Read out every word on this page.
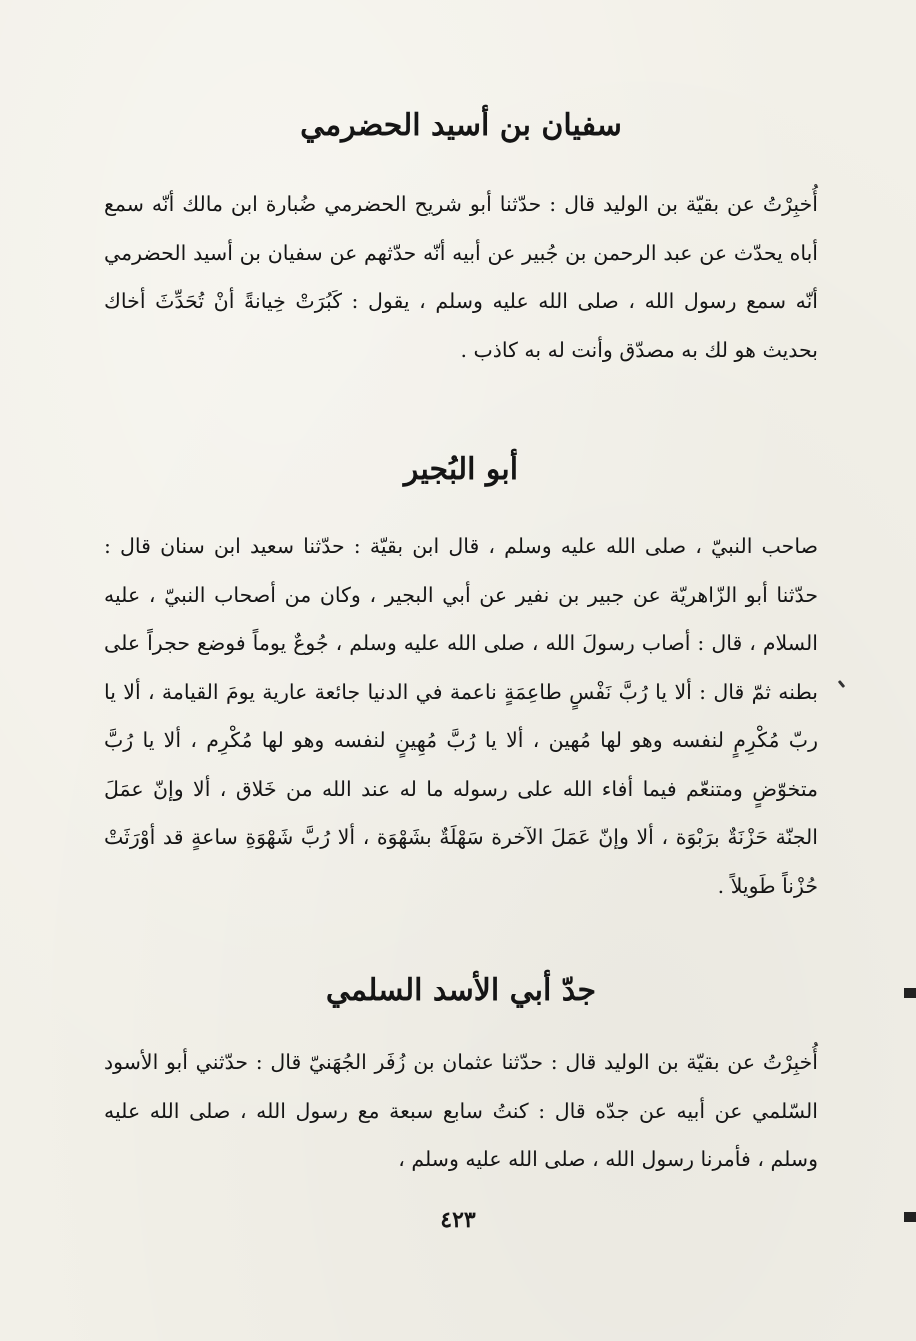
سفيان بن أسيد الحضرمي

أُخبِرْتُ عن بقيّة بن الوليد قال : حدّثنا أبو شريح الحضرمي ضُبارة ابن مالك أنّه سمع أباه يحدّث عن عبد الرحمن بن جُبير عن أبيه أنّه حدّثهم عن سفيان بن أسيد الحضرمي أنّه سمع رسول الله ، صلى الله عليه وسلم ، يقول : كَبُرَتْ خِيانةً أنْ تُحَدِّثَ أخاك بحديث هو لك به مصدّق وأنت له به كاذب .

أبو البُجير

صاحب النبيّ ، صلى الله عليه وسلم ، قال ابن بقيّة : حدّثنا سعيد ابن سنان قال : حدّثنا أبو الزّاهريّة عن جبير بن نفير عن أبي البجير ، وكان من أصحاب النبيّ ، عليه السلام ، قال : أصاب رسولَ الله ، صلى الله عليه وسلم ، جُوعٌ يوماً فوضع حجراً على بطنه ثمّ قال : ألا يا رُبَّ نَفْسٍ طاعِمَةٍ ناعمة في الدنيا جائعة عارية يومَ القيامة ، ألا يا ربّ مُكْرِمٍ لنفسه وهو لها مُهين ، ألا يا رُبَّ مُهِينٍ لنفسه وهو لها مُكْرِم ، ألا يا رُبَّ متخوّضٍ ومتنعّم فيما أفاء الله على رسوله ما له عند الله من خَلاق ، ألا وإنّ عمَلَ الجنّة حَزْنَةٌ برَبْوَة ، ألا وإنّ عَمَلَ الآخرة سَهْلَةٌ بشَهْوَة ، ألا رُبَّ شَهْوَةِ ساعةٍ قد أوْرَثَتْ حُزْناً طَويلاً .

جدّ أبي الأسد السلمي

أُخبِرْتُ عن بقيّة بن الوليد قال : حدّثنا عثمان بن زُفَر الجُهَنيّ قال : حدّثني أبو الأسود السّلمي عن أبيه عن جدّه قال : كنتُ سابع سبعة مع رسول الله ، صلى الله عليه وسلم ، فأمرنا رسول الله ، صلى الله عليه وسلم ،

٤٢٣
